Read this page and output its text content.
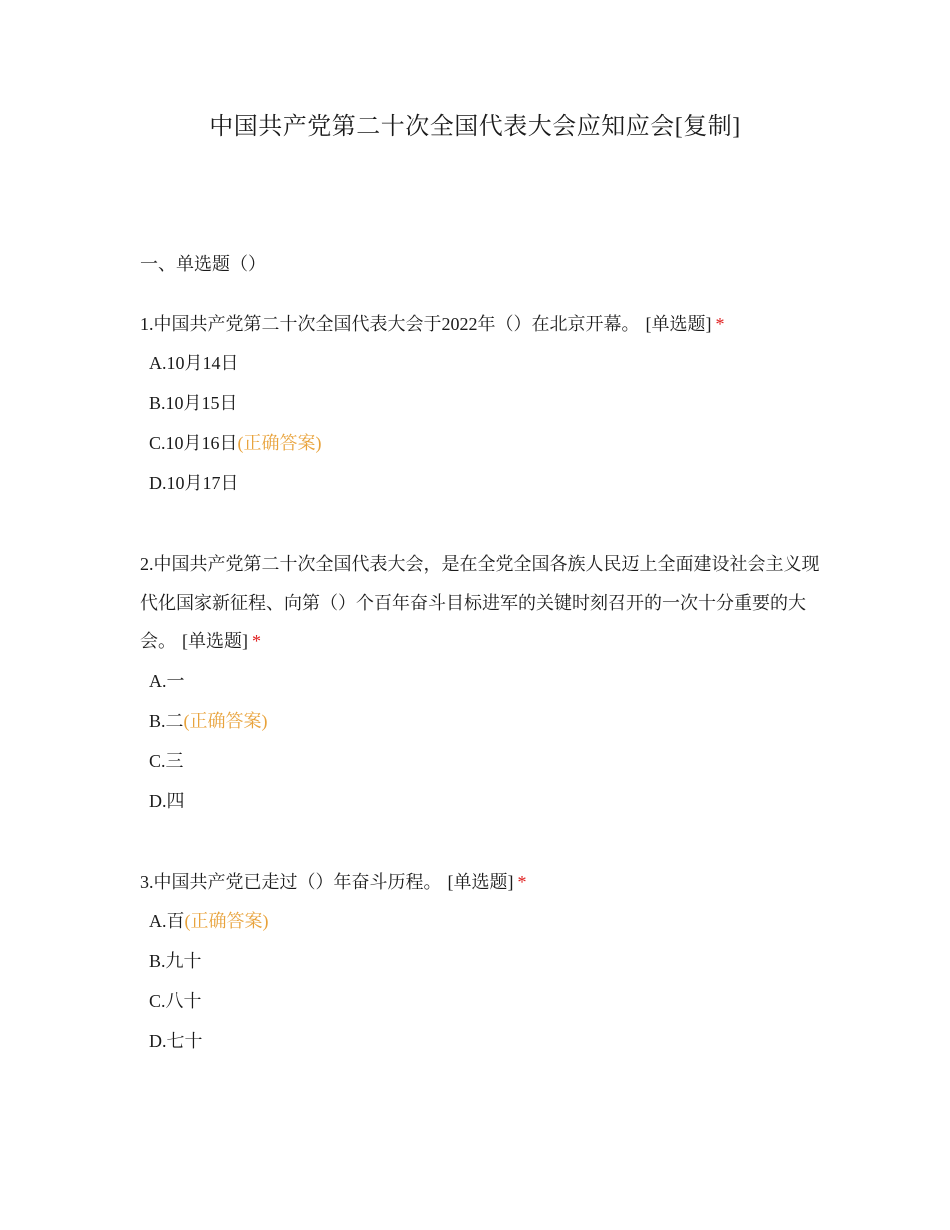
中国共产党第二十次全国代表大会应知应会[复制]
一、单选题（）
1.中国共产党第二十次全国代表大会于2022年（）在北京开幕。 [单选题] *
A.10月14日
B.10月15日
C.10月16日(正确答案)
D.10月17日
2.中国共产党第二十次全国代表大会，是在全党全国各族人民迈上全面建设社会主义现代化国家新征程、向第（）个百年奋斗目标进军的关键时刻召开的一次十分重要的大会。 [单选题] *
A.一
B.二(正确答案)
C.三
D.四
3.中国共产党已走过（）年奋斗历程。 [单选题] *
A.百(正确答案)
B.九十
C.八十
D.七十
